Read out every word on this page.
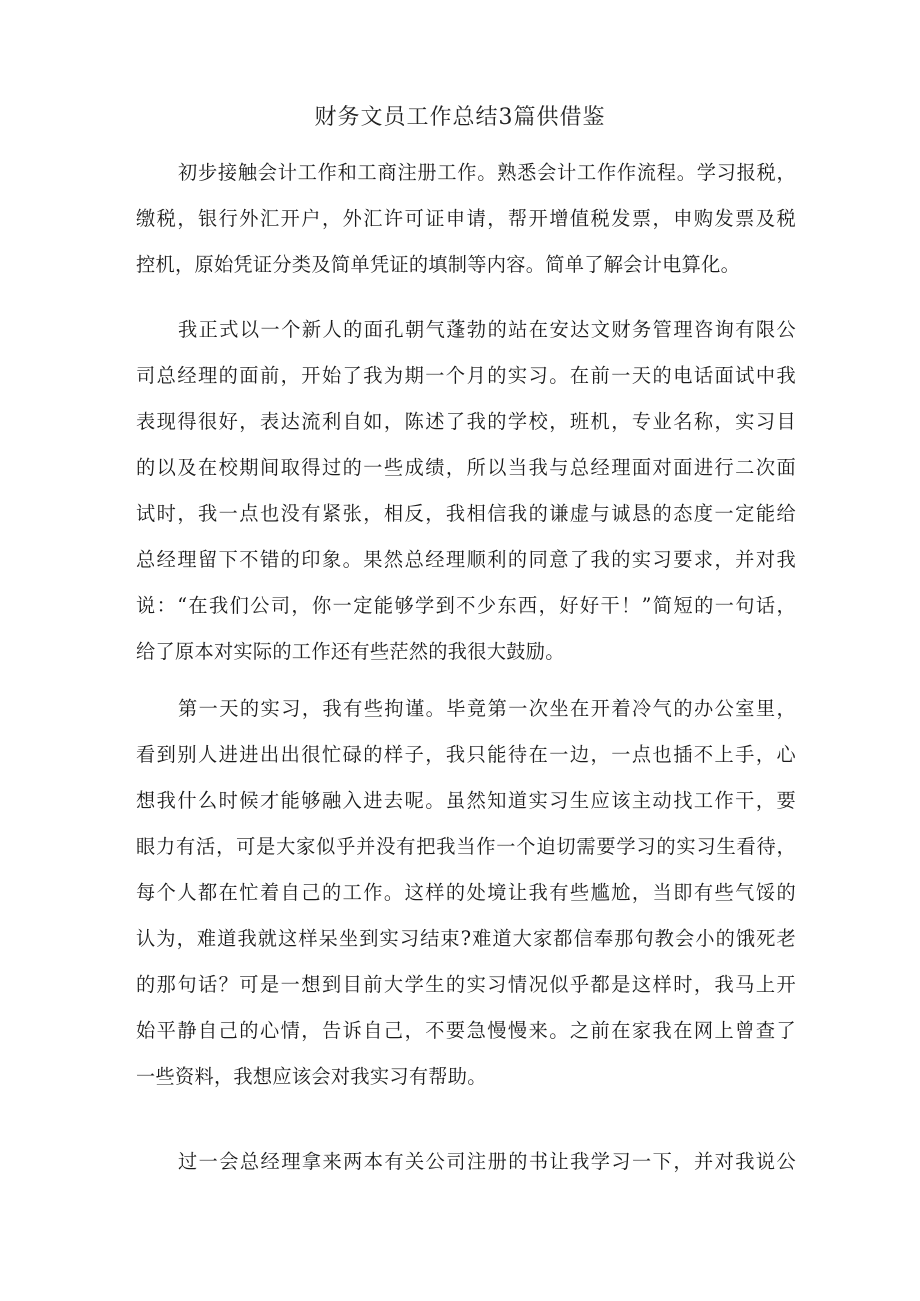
财务文员工作总结3篇供借鉴
初步接触会计工作和工商注册工作。熟悉会计工作作流程。学习报税，
缴税，银行外汇开户，外汇许可证申请，帮开增值税发票，申购发票及税
控机，原始凭证分类及简单凭证的填制等内容。简单了解会计电算化。
我正式以一个新人的面孔朝气蓬勃的站在安达文财务管理咨询有限公
司总经理的面前，开始了我为期一个月的实习。在前一天的电话面试中我
表现得很好，表达流利自如，陈述了我的学校，班机，专业名称，实习目
的以及在校期间取得过的一些成绩，所以当我与总经理面对面进行二次面
试时，我一点也没有紧张，相反，我相信我的谦虚与诚恳的态度一定能给
总经理留下不错的印象。果然总经理顺利的同意了我的实习要求，并对我
说：“在我们公司，你一定能够学到不少东西，好好干！”简短的一句话，
给了原本对实际的工作还有些茫然的我很大鼓励。
第一天的实习，我有些拘谨。毕竟第一次坐在开着冷气的办公室里，
看到别人进进出出很忙碌的样子，我只能待在一边，一点也插不上手，心
想我什么时候才能够融入进去呢。虽然知道实习生应该主动找工作干，要
眼力有活，可是大家似乎并没有把我当作一个迫切需要学习的实习生看待，
每个人都在忙着自己的工作。这样的处境让我有些尴尬，当即有些气馁的
认为，难道我就这样呆坐到实习结束?难道大家都信奉那句教会小的饿死老
的那句话？可是一想到目前大学生的实习情况似乎都是这样时，我马上开
始平静自己的心情，告诉自己，不要急慢慢来。之前在家我在网上曾查了
一些资料，我想应该会对我实习有帮助。
过一会总经理拿来两本有关公司注册的书让我学习一下，并对我说公
